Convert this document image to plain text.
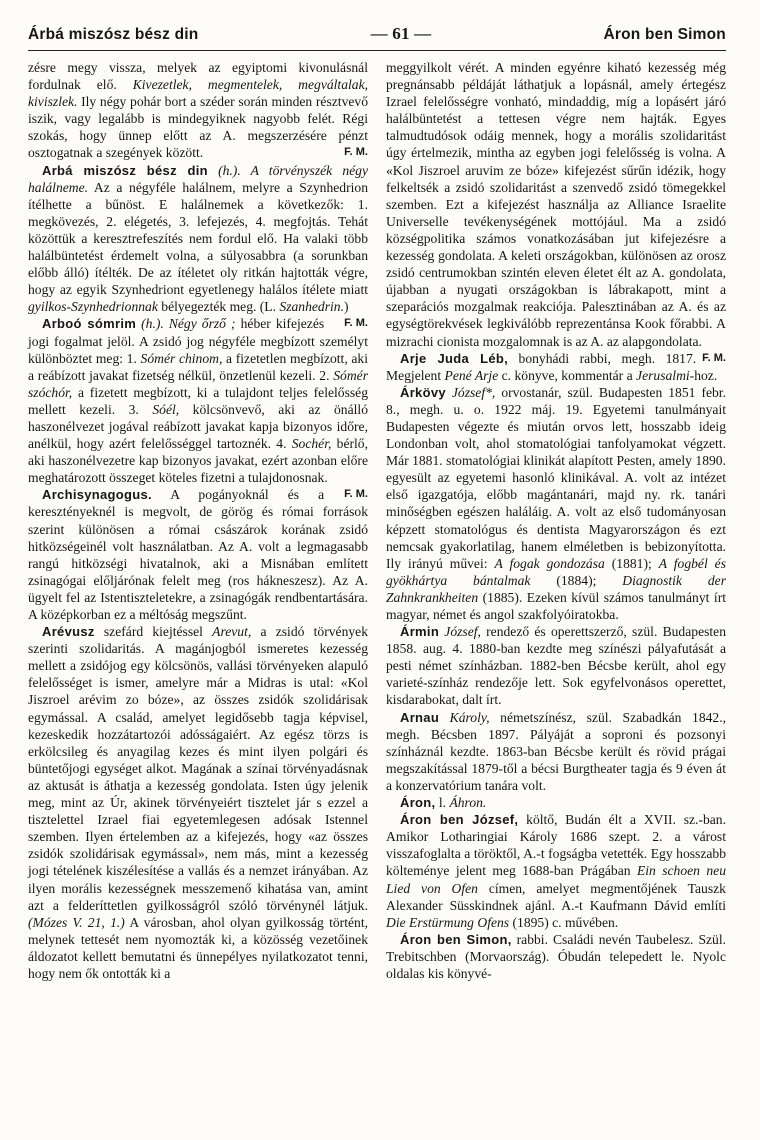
Árbá miszósz bész din	— 61 —	Áron ben Simon

zésre megy vissza, melyek az egyiptomi kivonulásnál fordulnak elő. Kivezetlek, megmentelek, megváltalak, kiviszlek. Ily négy pohár bort a széder során minden résztvevő iszik, vagy legalább is mindegyiknek nagyobb felét. Régi szokás, hogy ünnep előtt az A. megszerzésére pénzt osztogatnak a szegények között.	F. M.

Arbá miszósz bész din (h.). A törvényszék négy halálneme. Az a négyféle halálnem, melyre a Szynhedrion ítélhette a bűnöst. E halálnemek a következők: 1. megkövezés, 2. elégetés, 3. lefejezés, 4. megfojtás. Tehát közöttük a keresztrefeszítés nem fordul elő. Ha valaki több halálbüntetést érdemelt volna, a súlyosabbra (a sorunkban előbb álló) ítélték. De az ítéletet oly ritkán hajtották végre, hogy az egyik Szynhedriont egyetlenegy halálos ítélete miatt gyilkos-Szynhedrionnak bélyegezték meg. (L. Szanhedrin.)
F. M.

Arboó sómrim (h.). Négy őrző ; héber kifejezés jogi fogalmat jelöl. A zsidó jog négyféle megbízott személyt különböztet meg: 1. Sómér chinom, a fizetetlen megbízott, aki a reábízott javakat fizetség nélkül, önzetlenül kezeli. 2. Sómér szóchór, a fizetett megbízott, ki a tulajdont teljes felelősség mellett kezeli. 3. Sóél, kölcsönvevő, aki az önálló haszonélvezet jogával reábízott javakat kapja bizonyos időre, anélkül, hogy azért felelősséggel tartoznék. 4. Sochér, bérlő, aki haszonélvezetre kap bizonyos javakat, ezért azonban előre meghatározott összeget köteles fizetni a tulajdonosnak.
F. M.

Archisynagogus. A pogányoknál és a keresztényeknél is megvolt, de görög és római források szerint különösen a római császárok korának zsidó hitközségeinél volt használatban. Az A. volt a legmagasabb rangú hitközségi hivatalnok, aki a Misnában említett zsinagógai előljárónak felelt meg (ros hákneszesz). Az A. ügyelt fel az Istentiszteletekre, a zsinagógák rendbentartására. A középkorban ez a méltóság megszűnt.

Arévusz szefárd kiejtéssel Arevut, a zsidó törvények szerinti szolidaritás. A magánjogból ismeretes kezesség mellett a zsidójog egy kölcsönös, vallási törvényeken alapuló felelősséget is ismer, amelyre már a Midras is utal: «Kol Jiszroel arévim zo bóze», az összes zsidók szolidárisak egymással. A család, amelyet legidősebb tagja képvisel, kezeskedik hozzátartozói adósságaiért. Az egész törzs is erkölcsileg és anyagilag kezes és mint ilyen polgári és büntetőjogi egységet alkot. Magának a színai törvényadásnak az aktusát is áthatja a kezesség gondolata. Isten úgy jelenik meg, mint az Úr, akinek törvényeiért tisztelet jár s ezzel a tisztelettel Izrael fiai egyetemlegesen adósak Istennel szemben. Ilyen értelemben az a kifejezés, hogy «az összes zsidók szolidárisak egymással», nem más, mint a kezesség jogi tételének kiszélesítése a vallás és a nemzet irányában. Az ilyen morális kezességnek messzemenő kihatása van, amint azt a felderíttetlen gyilkosságról szóló törvénynél látjuk. (Mózes V. 21, 1.) A városban, ahol olyan gyilkosság történt, melynek tettesét nem nyomozták ki, a közösség vezetőinek áldozatot kellett bemutatni és ünnepélyes nyilatkozatot tenni, hogy nem ők ontották ki a

meggyilkolt vérét. A minden egyénre kiható kezesség még pregnánsabb példáját láthatjuk a lopásnál, amely értegész Izrael felelősségre vonható, mindaddig, míg a lopásért járó halálbüntetést a tettesen végre nem hajták. Egyes talmudtudósok odáig mennek, hogy a morális szolidaritást úgy értelmezik, mintha az egyben jogi felelősség is volna. A «Kol Jiszroel aruvim ze bóze» kifejezést sűrűn idézik, hogy felkeltsék a zsidó szolidaritást a szenvedő zsidó tömegekkel szemben. Ezt a kifejezést használja az Alliance Israelite Universelle tevékenységének mottójául. Ma a zsidó községpolitika számos vonatkozásában jut kifejezésre a kezesség gondolata. A keleti országokban, különösen az orosz zsidó centrumokban szintén eleven életet élt az A. gondolata, újabban a nyugati országokban is lábrakapott, mint a szeparációs mozgalmak reakciója. Palesztinában az A. és az egységtörekvések legkiválóbb reprezentánsa Kook főrabbi. A mizrachi cionista mozgalomnak is az A. az alapgondolata.
F. M.

Arje Juda Léb, bonyhádi rabbi, megh. 1817. Megjelent Pené Arje c. könyve, kommentár a Jerusalmi-hoz.

Árkövy József*, orvostanár, szül. Budapesten 1851 febr. 8., megh. u. o. 1922 máj. 19. Egyetemi tanulmányait Budapesten végezte és miután orvos lett, hosszabb ideig Londonban volt, ahol stomatológiai tanfolyamokat végzett. Már 1881. stomatológiai klinikát alapított Pesten, amely 1890. egyesült az egyetemi hasonló klinikával. A. volt az intézet első igazgatója, előbb magántanári, majd ny. rk. tanári minőségben egészen haláláig. A. volt az első tudományosan képzett stomatológus és dentista Magyarországon és ezt nemcsak gyakorlatilag, hanem elméletben is bebizonyította. Ily irányú művei: A fogak gondozása (1881); A fogbél és gyökhártya bántalmak (1884); Diagnostik der Zahnkrankheiten (1885). Ezeken kívül számos tanulmányt írt magyar, német és angol szakfolyóiratokba.

Ármin József, rendező és operettszerző, szül. Budapesten 1858. aug. 4. 1880-ban kezdte meg színészi pályafutását a pesti német színházban. 1882-ben Bécsbe került, ahol egy varieté-színház rendezője lett. Sok egyfelvonásos operettet, kisdarabokat, dalt írt.

Arnau Károly, németszínész, szül. Szabadkán 1842., megh. Bécsben 1897. Pályáját a soproni és pozsonyi színháznál kezdte. 1863-ban Bécsbe került és rövid prágai megszakítással 1879-től a bécsi Burgtheater tagja és 9 éven át a konzervatórium tanára volt.

Áron, l. Áhron.

Áron ben József, költő, Budán élt a XVII. sz.-ban. Amikor Lotharingiai Károly 1686 szept. 2. a várost visszafoglalta a töröktől, A.-t fogságba vetették. Egy hosszabb költeménye jelent meg 1688-ban Prágában Ein schoen neu Lied von Ofen címen, amelyet megmentőjének Tauszk Alexander Süsskindnek ajánl. A.-t Kaufmann Dávid említi Die Erstürmung Ofens (1895) c. művében.

Áron ben Simon, rabbi. Családi nevén Taubelesz. Szül. Trebitschben (Morvaország). Óbudán telepedett le. Nyolc oldalas kis könyvé-
